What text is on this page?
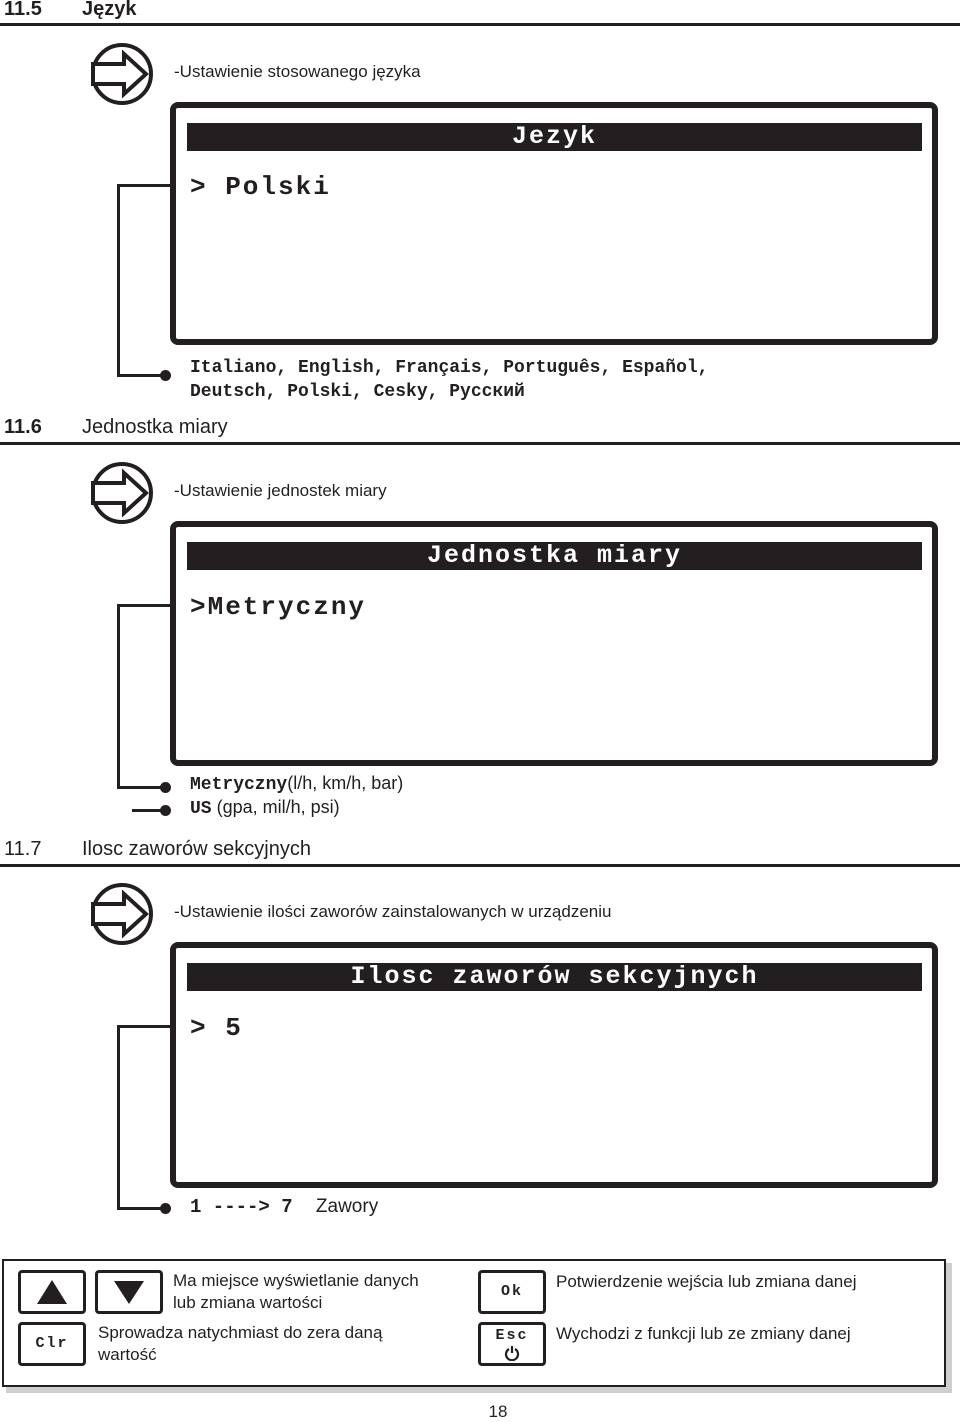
11.5 Język
-Ustawienie stosowanego języka
Jezyk
> Polski
Italiano, English, Français, Português, Español,
Deutsch, Polski, Cesky, Русский
11.6 Jednostka miary
-Ustawienie jednostek miary
Jednostka miary
>Metryczny
Metryczny(l/h, km/h, bar)
US (gpa, mil/h, psi)
11.7 Ilosc zaworów sekcyjnych
-Ustawienie ilości zaworów zainstalowanych w urządzeniu
Ilosc zaworów sekcyjnych
> 5
1 ----> 7 Zawory
Ma miejsce wyświetlanie danych
lub zmiana wartości
Clr
Sprowadza natychmiast do zera daną
wartość
Ok
Potwierdzenie wejścia lub zmiana danej
Esc	Wychodzi z funkcji lub ze zmiany danej
18
